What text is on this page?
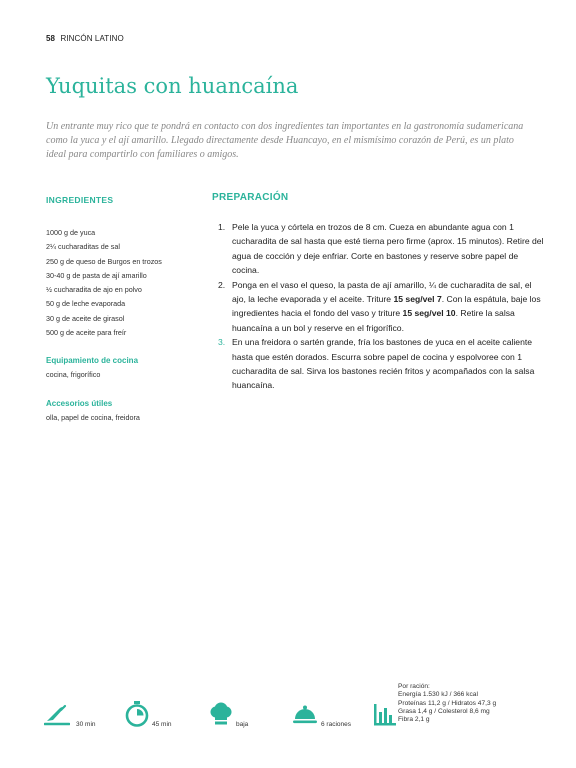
58 RINCÓN LATINO
Yuquitas con huancaína

Un entrante muy rico que te pondrá en contacto con dos ingredientes tan importantes en la gastronomía sudamericana como la yuca y el ají amarillo. Llegado directamente desde Huancayo, en el mismísimo corazón de Perú, es un plato ideal para compartirlo con familiares o amigos.

INGREDIENTES
1000 g de yuca
2¼ cucharaditas de sal
250 g de queso de Burgos en trozos
30-40 g de pasta de ají amarillo
½ cucharadita de ajo en polvo
50 g de leche evaporada
30 g de aceite de girasol
500 g de aceite para freír
Equipamiento de cocina
cocina, frigorífico
Accesorios útiles
olla, papel de cocina, freidora
PREPARACIÓN
1. Pele la yuca y córtela en trozos de 8 cm. Cueza en abundante agua con 1 cucharadita de sal hasta que esté tierna pero firme (aprox. 15 minutos). Retire del agua de cocción y deje enfriar. Corte en bastones y reserve sobre papel de cocina.
2. Ponga en el vaso el queso, la pasta de ají amarillo, ¼ de cucharadita de sal, el ajo, la leche evaporada y el aceite. Triture 15 seg/vel 7. Con la espátula, baje los ingredientes hacia el fondo del vaso y triture 15 seg/vel 10. Retire la salsa huancaína a un bol y reserve en el frigorífico.
3. En una freidora o sartén grande, fría los bastones de yuca en el aceite caliente hasta que estén dorados. Escurra sobre papel de cocina y espolvoree con 1 cucharadita de sal. Sirva los bastones recién fritos y acompañados con la salsa huancaína.
30 min	45 min	baja	6 raciones
Por ración:
Energía 1.530 kJ / 366 kcal
Proteínas 11,2 g / Hidratos 47,3 g
Grasa 1,4 g / Colesterol 8,6 mg
Fibra 2,1 g
